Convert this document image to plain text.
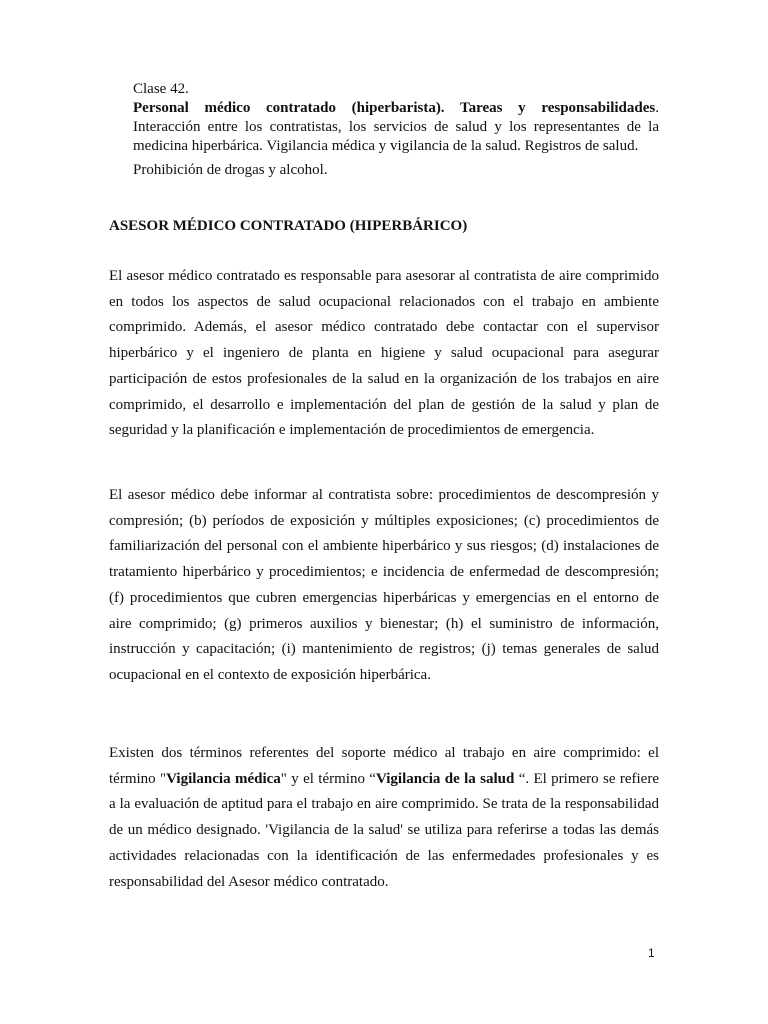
Clase 42.

Personal médico contratado (hiperbarista). Tareas y responsabilidades.

Interacción entre los contratistas, los servicios de salud y los representantes de la medicina hiperbárica. Vigilancia médica y vigilancia de la salud. Registros de salud.

Prohibición de drogas y alcohol.

ASESOR MÉDICO CONTRATADO (HIPERBÁRICO)

El asesor médico contratado es responsable para asesorar al contratista de aire comprimido en todos los aspectos de salud ocupacional relacionados con el trabajo en ambiente comprimido. Además, el asesor médico contratado debe contactar con el supervisor hiperbárico y el ingeniero de planta en higiene y salud ocupacional para asegurar participación de estos profesionales de la salud en la organización de los trabajos en aire comprimido, el desarrollo e implementación del plan de gestión de la salud y plan de seguridad y la planificación e implementación de procedimientos de emergencia.

El asesor médico debe informar al contratista sobre: procedimientos de descompresión y compresión; (b) períodos de exposición y múltiples exposiciones; (c) procedimientos de familiarización del personal con el ambiente hiperbárico y sus riesgos; (d) instalaciones de tratamiento hiperbárico y procedimientos; e incidencia de enfermedad de descompresión; (f) procedimientos que cubren emergencias hiperbáricas y emergencias en el entorno de aire comprimido; (g) primeros auxilios y bienestar; (h) el suministro de información, instrucción y capacitación; (i) mantenimiento de registros; (j) temas generales de salud ocupacional en el contexto de exposición hiperbárica.

Existen dos términos referentes del soporte médico al trabajo en aire comprimido: el término "Vigilancia médica" y el término “Vigilancia de la salud “. El primero se refiere a la evaluación de aptitud para el trabajo en aire comprimido. Se trata de la responsabilidad de un médico designado. 'Vigilancia de la salud' se utiliza para referirse a todas las demás actividades relacionadas con la identificación de las enfermedades profesionales y es responsabilidad del Asesor médico contratado.

1
